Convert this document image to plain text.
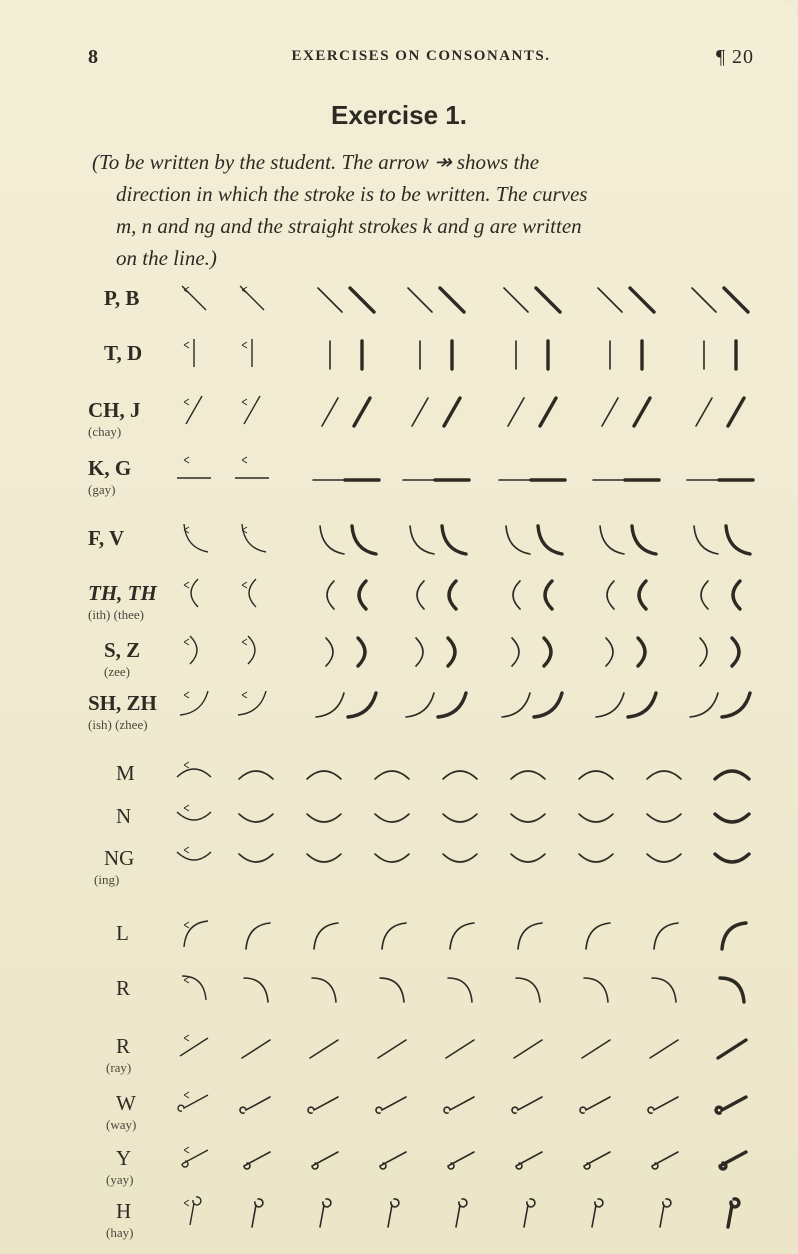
8	EXERCISES ON CONSONANTS.	¶ 20
Exercise 1.
(To be written by the student. The arrow ↠ shows the
direction in which the stroke is to be written. The curves
m, n and ng and the straight strokes k and g are written
on the line.)
P, B
T, D
CH, J
(chay)
K, G
(gay)
F, V
TH, TH
(ith) (thee)
S, Z
(zee)
SH, ZH
(ish) (zhee)
M
N
NG
(ing)
L
R
R
(ray)
W
(way)
Y
(yay)
H
(hay)
